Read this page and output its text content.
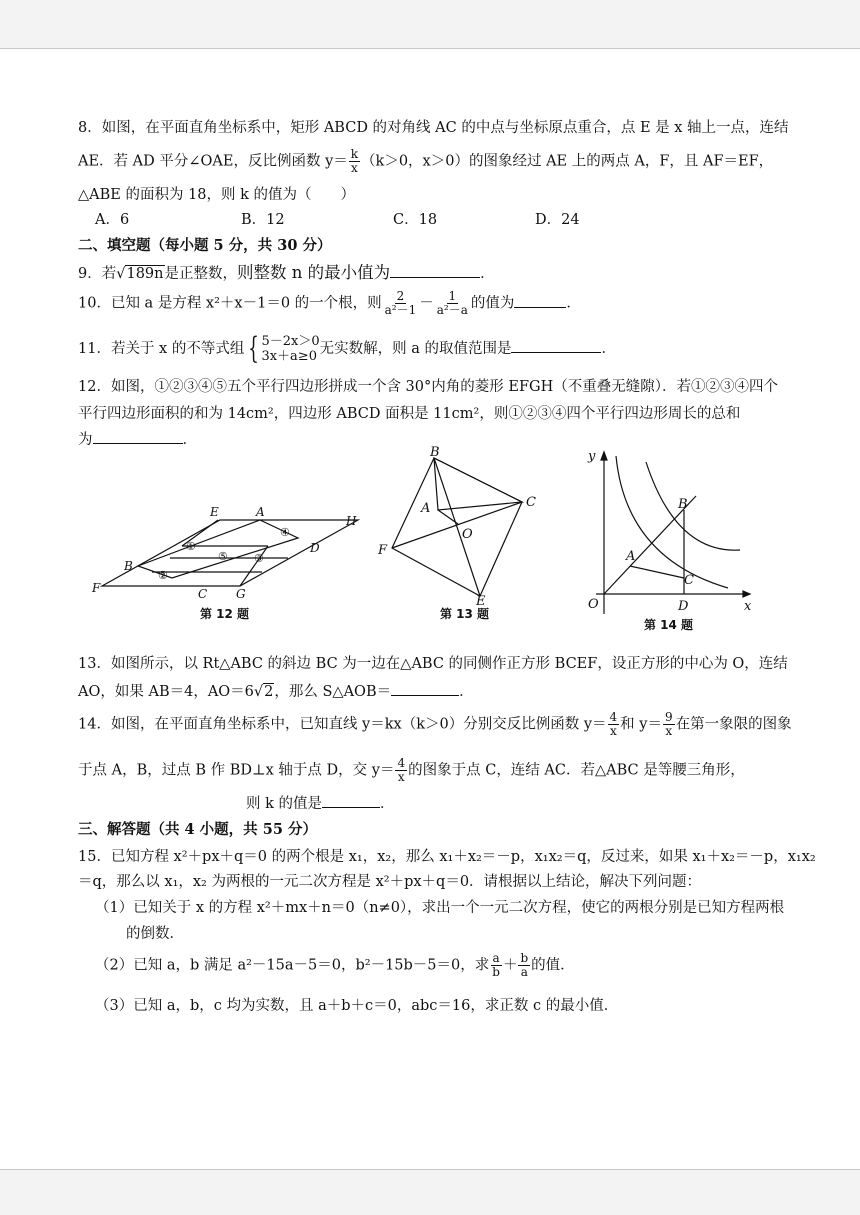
8．如图，在平面直角坐标系中，矩形 ABCD 的对角线 AC 的中点与坐标原点重合，点 E 是 x 轴上一点，连结
AE．若 AD 平分∠OAE，反比例函数 $y= \frac{k}{x} (k>0$，x＞0）的图象经过 AE 上的两点 A，F，且 AF＝EF，
△ABE 的面积为 18，则 k 的值为（　　）
A．6	B．12	C．18	D．24
二、填空题（每小题 5 分，共 30 分）
9．若√189n是正整数，则整数 n 的最小值为	．
10．已知 a 是方程 x²＋x－1＝0 的一个根，则 $\frac{2}{\text{a²－1}} - \frac{1}{\text{a²－a}}$ 的值为	．
11．若关于 x 的不等式组 { 5－2x＞0
3x＋a≥0 无实数解，则 a 的取值范围是	．
12．如图，①②③④⑤五个平行四边形拼成一个含 30°内角的菱形 EFGH（不重叠无缝隙）．若①②③④四个
平行四边形面积的和为 14cm²，四边形 ABCD 面积是 11cm²，则①②③④四个平行四边形周长的总和
为	．
E	A
H
B
D
F	C G
①
②
③
④
⑤
第 12 题
B
A	C
O
F
E
第 13 题
y
B
A
C
O	D	x
第 14 题
13．如图所示，以 Rt△ABC 的斜边 BC 为一边在△ABC 的同侧作正方形 BCEF，设正方形的中心为 O，连结
AO，如果 AB＝4，AO＝6√2，那么 S△AOB＝	．
14．如图，在平面直角坐标系中，已知直线 y＝kx（k＞0）分别交反比例函数 $y= \frac{4}{x}$ 和 $y= \frac{9}{x}$ 在第一象限的图象
于点 A，B，过点 B 作 BD⊥x 轴于点 D，交 $y= \frac{4}{x}$ 的图象于点 C，连结 AC．若△ABC 是等腰三角形，
则 k 的值是	．
三、解答题（共 4 小题，共 55 分）
15．已知方程 x²＋px＋q＝0 的两个根是 x₁，x₂，那么 x₁＋x₂＝－p，x₁x₂＝q，反过来，如果 x₁＋x₂＝－p，x₁x₂
＝q，那么以 x₁，x₂ 为两根的一元二次方程是 x²＋px＋q＝0．请根据以上结论，解决下列问题：
（1）已知关于 x 的方程 x²＋mx＋n＝0（n≠0），求出一个一元二次方程，使它的两根分别是已知方程两根
的倒数．
（2）已知 a，b 满足 a²－15a－5＝0，b²－15b－5＝0，求 $\frac{a}{b} + \frac{b}{a}$ 的值．
（3）已知 a，b，c 均为实数，且 a＋b＋c＝0，abc＝16，求正数 c 的最小值．
